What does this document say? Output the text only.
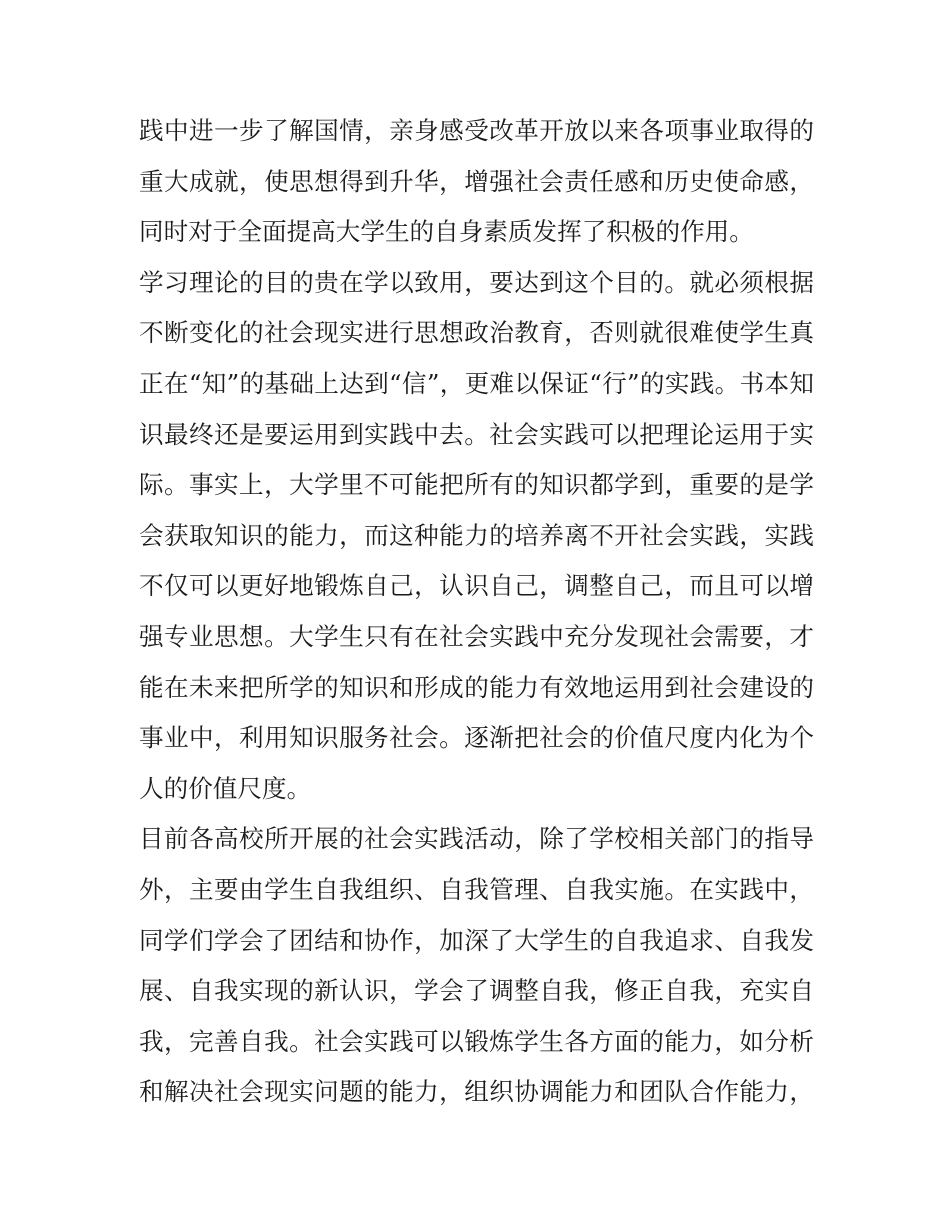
践中进一步了解国情，亲身感受改革开放以来各项事业取得的
重大成就，使思想得到升华，增强社会责任感和历史使命感，
同时对于全面提高大学生的自身素质发挥了积极的作用。
学习理论的目的贵在学以致用，要达到这个目的。就必须根据
不断变化的社会现实进行思想政治教育，否则就很难使学生真
正在“知”的基础上达到“信”，更难以保证“行”的实践。书本知
识最终还是要运用到实践中去。社会实践可以把理论运用于实
际。事实上，大学里不可能把所有的知识都学到，重要的是学
会获取知识的能力，而这种能力的培养离不开社会实践，实践
不仅可以更好地锻炼自己，认识自己，调整自己，而且可以增
强专业思想。大学生只有在社会实践中充分发现社会需要，才
能在未来把所学的知识和形成的能力有效地运用到社会建设的
事业中，利用知识服务社会。逐渐把社会的价值尺度内化为个
人的价值尺度。
目前各高校所开展的社会实践活动，除了学校相关部门的指导
外，主要由学生自我组织、自我管理、自我实施。在实践中，
同学们学会了团结和协作，加深了大学生的自我追求、自我发
展、自我实现的新认识，学会了调整自我，修正自我，充实自
我，完善自我。社会实践可以锻炼学生各方面的能力，如分析
和解决社会现实问题的能力，组织协调能力和团队合作能力，
